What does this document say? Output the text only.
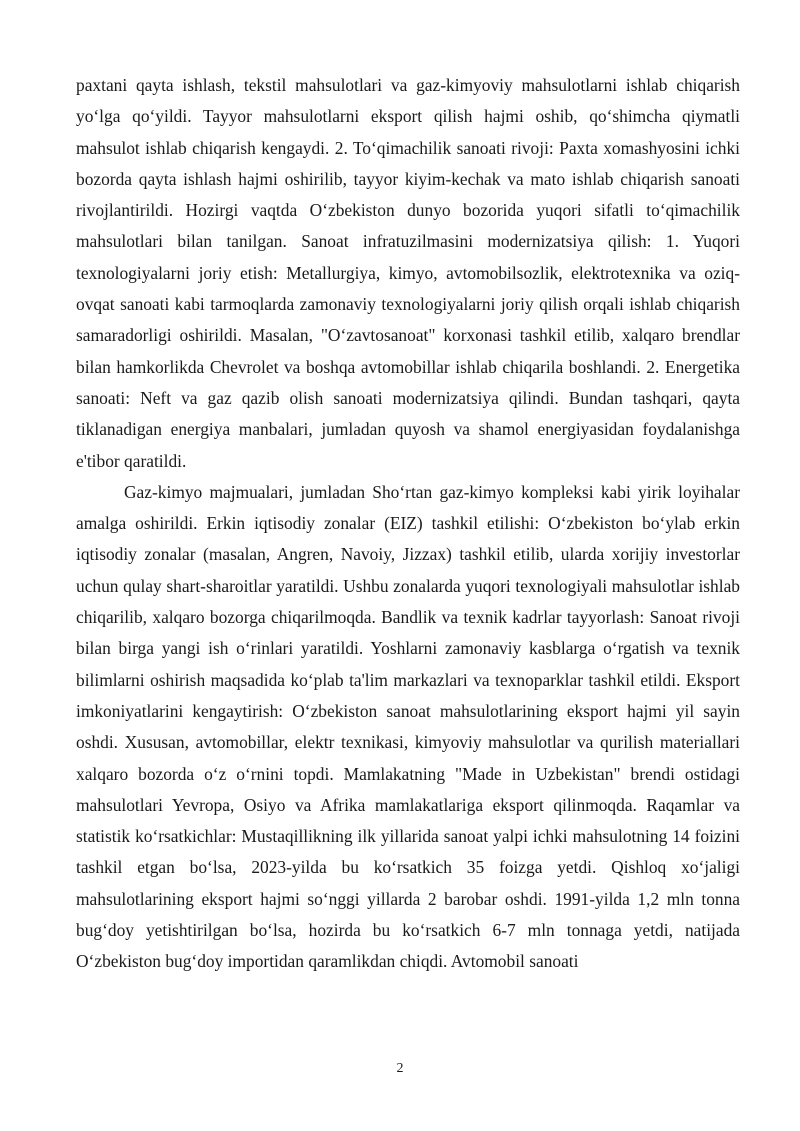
paxtani qayta ishlash, tekstil mahsulotlari va gaz-kimyoviy mahsulotlarni ishlab chiqarish yo‘lga qo‘yildi. Tayyor mahsulotlarni eksport qilish hajmi oshib, qo‘shimcha qiymatli mahsulot ishlab chiqarish kengaydi. 2. To‘qimachilik sanoati rivoji: Paxta xomashyosini ichki bozorda qayta ishlash hajmi oshirilib, tayyor kiyim-kechak va mato ishlab chiqarish sanoati rivojlantirildi. Hozirgi vaqtda O‘zbekiston dunyo bozorida yuqori sifatli to‘qimachilik mahsulotlari bilan tanilgan. Sanoat infratuzilmasini modernizatsiya qilish: 1. Yuqori texnologiyalarni joriy etish: Metallurgiya, kimyo, avtomobilsozlik, elektrotexnika va oziq-ovqat sanoati kabi tarmoqlarda zamonaviy texnologiyalarni joriy qilish orqali ishlab chiqarish samaradorligi oshirildi. Masalan, "O‘zavtosanoat" korxonasi tashkil etilib, xalqaro brendlar bilan hamkorlikda Chevrolet va boshqa avtomobillar ishlab chiqarila boshlandi. 2. Energetika sanoati: Neft va gaz qazib olish sanoati modernizatsiya qilindi. Bundan tashqari, qayta tiklanadigan energiya manbalari, jumladan quyosh va shamol energiyasidan foydalanishga e'tibor qaratildi.

Gaz-kimyo majmualari, jumladan Sho‘rtan gaz-kimyo kompleksi kabi yirik loyihalar amalga oshirildi. Erkin iqtisodiy zonalar (EIZ) tashkil etilishi: O‘zbekiston bo‘ylab erkin iqtisodiy zonalar (masalan, Angren, Navoiy, Jizzax) tashkil etilib, ularda xorijiy investorlar uchun qulay shart-sharoitlar yaratildi. Ushbu zonalarda yuqori texnologiyali mahsulotlar ishlab chiqarilib, xalqaro bozorga chiqarilmoqda. Bandlik va texnik kadrlar tayyorlash: Sanoat rivoji bilan birga yangi ish o‘rinlari yaratildi. Yoshlarni zamonaviy kasblarga o‘rgatish va texnik bilimlarni oshirish maqsadida ko‘plab ta'lim markazlari va texnoparklar tashkil etildi. Eksport imkoniyatlarini kengaytirish: O‘zbekiston sanoat mahsulotlarining eksport hajmi yil sayin oshdi. Xususan, avtomobillar, elektr texnikasi, kimyoviy mahsulotlar va qurilish materiallari xalqaro bozorda o‘z o‘rnini topdi. Mamlakatning "Made in Uzbekistan" brendi ostidagi mahsulotlari Yevropa, Osiyo va Afrika mamlakatlariga eksport qilinmoqda. Raqamlar va statistik ko‘rsatkichlar: Mustaqillikning ilk yillarida sanoat yalpi ichki mahsulotning 14 foizini tashkil etgan bo‘lsa, 2023-yilda bu ko‘rsatkich 35 foizga yetdi. Qishloq xo‘jaligi mahsulotlarining eksport hajmi so‘nggi yillarda 2 barobar oshdi. 1991-yilda 1,2 mln tonna bug‘doy yetishtirilgan bo‘lsa, hozirda bu ko‘rsatkich 6-7 mln tonnaga yetdi, natijada O‘zbekiston bug‘doy importidan qaramlikdan chiqdi. Avtomobil sanoati

2
